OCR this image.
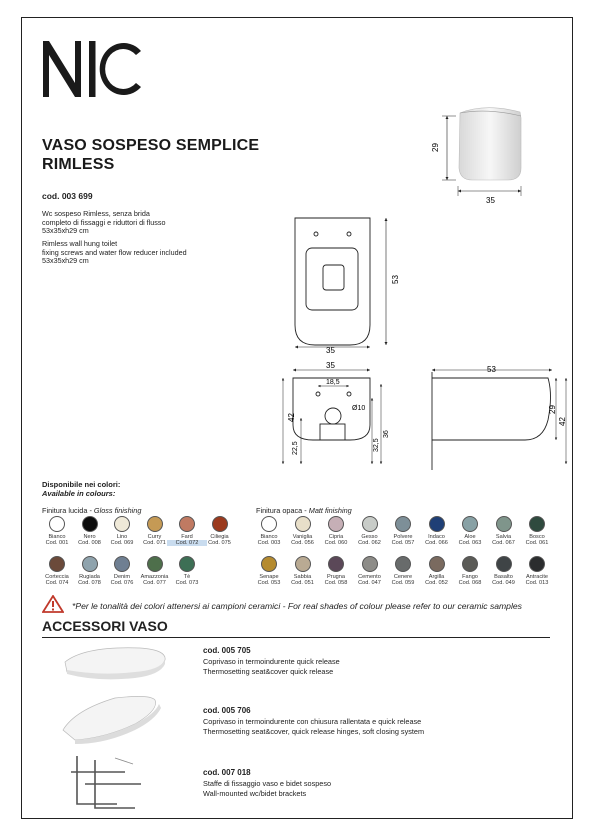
VASO SOSPESO SEMPLICE
RIMLESS
cod. 003 699
Wc sospeso Rimless, senza brida
completo di fissaggi e riduttori di flusso
53x35xh29 cm
Rimless wall hung toilet
fixing screws and water flow reducer included
53x35xh29 cm
29
35
53
35
35
18,5
Ø10
42
22,5	32,5
36
53
29
42
Disponibile nei colori:
Available in colours:
Finitura lucida - Gloss finishing	Finitura opaca - Matt finishing
Bianco
Cod. 001
Nero
Cod. 008
Lino
Cod. 069
Curry
Cod. 071
Fard
Cod. 072
Ciliegia
Cod. 075
Corteccia
Cod. 074
Rugiada
Cod. 078
Denim
Cod. 076
Amazzonia
Cod. 077
Tè
Cod. 073
Bianco
Cod. 003
Vaniglia
Cod. 056
Cipria
Cod. 060
Gesso
Cod. 062
Polvere
Cod. 057
Indaco
Cod. 066
Aloe
Cod. 063
Salvia
Cod. 067
Bosco
Cod. 061
Senape
Cod. 053
Sabbia
Cod. 051
Prugna
Cod. 058
Cemento
Cod. 047
Cenere
Cod. 059
Argilla
Cod. 052
Fango
Cod. 068
Basalto
Cod. 049
Antracite
Cod. 013
*Per le tonalità dei colori attenersi ai campioni ceramici - For real shades of colour please refer to our ceramic samples
ACCESSORI VASO
cod. 005 705
Coprivaso in termoindurente quick release
Thermosetting seat&cover quick release
cod. 005 706
Coprivaso in termoindurente con chiusura rallentata e quick release
Thermosetting seat&cover, quick release hinges, soft closing system
cod. 007 018
Staffe di fissaggio vaso e bidet sospeso
Wall-mounted wc/bidet brackets
